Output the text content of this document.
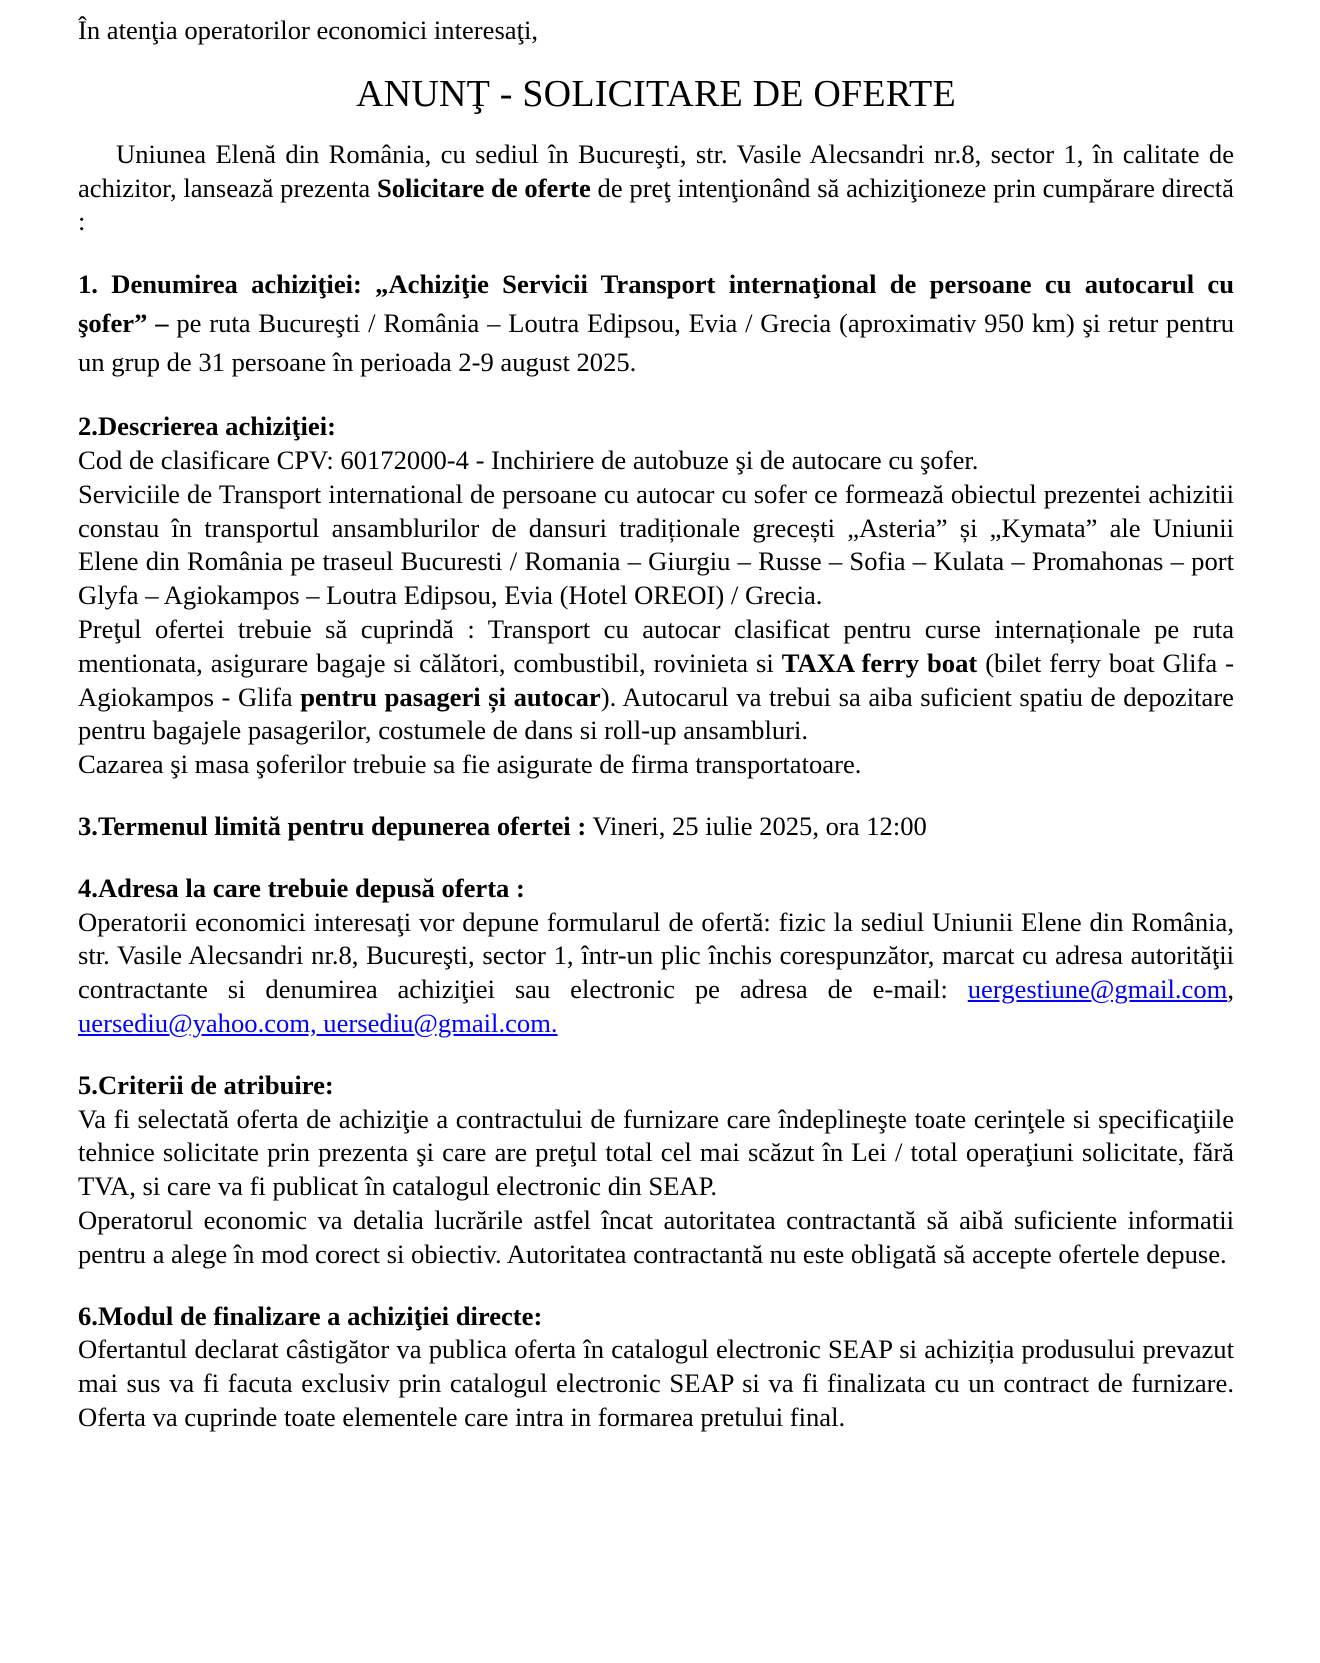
În atenţia operatorilor economici interesaţi,

ANUNŢ - SOLICITARE DE OFERTE

Uniunea Elenă din România, cu sediul în Bucureşti, str. Vasile Alecsandri nr.8, sector 1, în calitate de achizitor, lansează prezenta Solicitare de oferte de preţ intenţionând să achiziţioneze prin cumpărare directă :

1. Denumirea achiziţiei: „Achiziţie Servicii Transport internaţional de persoane cu autocarul cu şofer” – pe ruta Bucureşti / România – Loutra Edipsou, Evia / Grecia (aproximativ 950 km) şi retur pentru un grup de 31 persoane în perioada 2-9 august 2025.

2.Descrierea achiziţiei:

Cod de clasificare CPV: 60172000-4 - Inchiriere de autobuze şi de autocare cu şofer.

Serviciile de Transport international de persoane cu autocar cu sofer ce formează obiectul prezentei achizitii constau în transportul ansamblurilor de dansuri tradiționale grecești „Asteria” și „Kymata” ale Uniunii Elene din România pe traseul Bucuresti / Romania – Giurgiu – Russe – Sofia – Kulata – Promahonas – port Glyfa – Agiokampos – Loutra Edipsou, Evia (Hotel OREOI) / Grecia.

Preţul ofertei trebuie să cuprindă : Transport cu autocar clasificat pentru curse internaționale pe ruta mentionata, asigurare bagaje si călători, combustibil, rovinieta si TAXA ferry boat (bilet ferry boat Glifa - Agiokampos - Glifa pentru pasageri și autocar). Autocarul va trebui sa aiba suficient spatiu de depozitare pentru bagajele pasagerilor, costumele de dans si roll-up ansambluri.

Cazarea şi masa şoferilor trebuie sa fie asigurate de firma transportatoare.

3.Termenul limită pentru depunerea ofertei : Vineri, 25 iulie 2025, ora 12:00

4.Adresa la care trebuie depusă oferta :

Operatorii economici interesaţi vor depune formularul de ofertă: fizic la sediul Uniunii Elene din România, str. Vasile Alecsandri nr.8, Bucureşti, sector 1, într-un plic închis corespunzător, marcat cu adresa autorităţii contractante si denumirea achiziţiei sau electronic pe adresa de e-mail: uergestiune@gmail.com, uersediu@yahoo.com, uersediu@gmail.com.

5.Criterii de atribuire:

Va fi selectată oferta de achiziţie a contractului de furnizare care îndeplineşte toate cerinţele si specificaţiile tehnice solicitate prin prezenta şi care are preţul total cel mai scăzut în Lei / total operaţiuni solicitate, fără TVA, si care va fi publicat în catalogul electronic din SEAP.

Operatorul economic va detalia lucrările astfel încat autoritatea contractantă să aibă suficiente informatii pentru a alege în mod corect si obiectiv. Autoritatea contractantă nu este obligată să accepte ofertele depuse.

6.Modul de finalizare a achiziţiei directe:

Ofertantul declarat câstigător va publica oferta în catalogul electronic SEAP si achiziția produsului prevazut mai sus va fi facuta exclusiv prin catalogul electronic SEAP si va fi finalizata cu un contract de furnizare. Oferta va cuprinde toate elementele care intra in formarea pretului final.
